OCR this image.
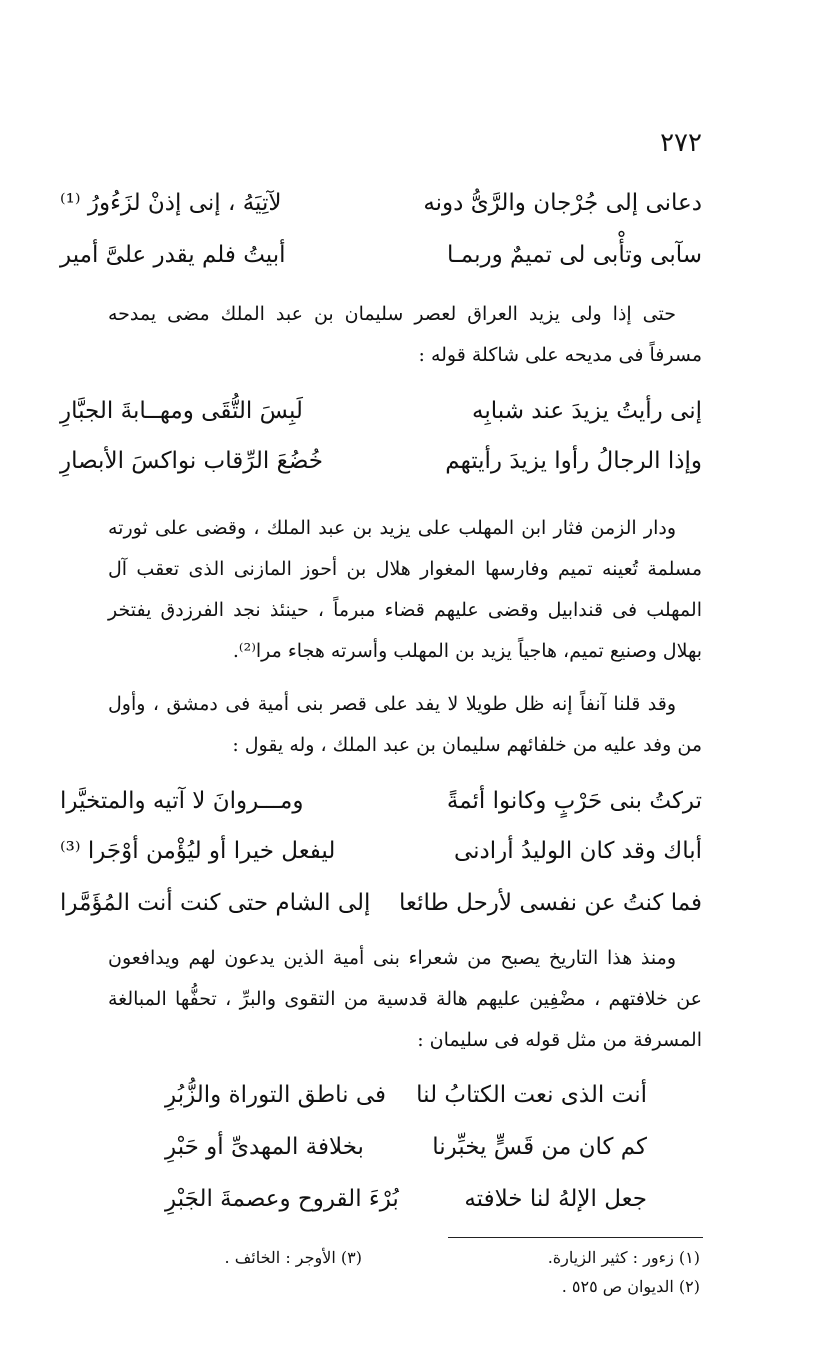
٢٧٢
دعانى إلى جُرْجان والرَّىُّ دونه
لآتِيَهُ ، إنى إذنْ لزَءُورُ ⁽¹⁾
سآبى وتأْبى لى تميمٌ وربمـا
أبيتُ فلم يقدر علىَّ أمير
حتى إذا ولى يزيد العراق لعصر سليمان بن عبد الملك مضى يمدحه مسرفاً فى مديحه على شاكلة قوله :
إنى رأيتُ يزيدَ عند شبابِه
لَبِسَ التُّقَى ومهــابةَ الجبَّارِ
وإذا الرجالُ رأوا يزيدَ رأيتهم
خُضُعَ الرِّقاب نواكسَ الأبصارِ
ودار الزمن فثار ابن المهلب على يزيد بن عبد الملك ، وقضى على ثورته مسلمة تُعينه تميم وفارسها المغوار هلال بن أحوز المازنى الذى تعقب آل المهلب فى قندابيل وقضى عليهم قضاء مبرماً ، حينئذ نجد الفرزدق يفتخر بهلال وصنيع تميم، هاجياً يزيد بن المهلب وأسرته هجاء مرا⁽²⁾.
وقد قلنا آنفاً إنه ظل طويلا لا يفد على قصر بنى أمية فى دمشق ، وأول من وفد عليه من خلفائهم سليمان بن عبد الملك ، وله يقول :
تركتُ بنى حَرْبٍ وكانوا أئمةً
ومـــروانَ لا آتيه والمتخيَّرا
أباك وقد كان الوليدُ أرادنى
ليفعل خيرا أو ليُؤْمن أوْجَرا ⁽³⁾
فما كنتُ عن نفسى لأرحل طائعا
إلى الشام حتى كنت أنت المُؤَمَّرا
ومنذ هذا التاريخ يصبح من شعراء بنى أمية الذين يدعون لهم ويدافعون عن خلافتهم ، مضْفِين عليهم هالة قدسية من التقوى والبرِّ ، تحفُّها المبالغة المسرفة من مثل قوله فى سليمان :
أنت الذى نعت الكتابُ لنا
فى ناطق التوراة والزُّبُرِ
كم كان من قَسٍّ يخبِّرنا
بخلافة المهدىِّ أو حَبْرِ
جعل الإلهُ لنا خلافته
بُرْءَ القروح وعصمةَ الجَبْرِ
(١) زءور : كثير الزيارة.
(٢) الديوان ص ٥٢٥ .
(٣) الأوجر : الخائف .
